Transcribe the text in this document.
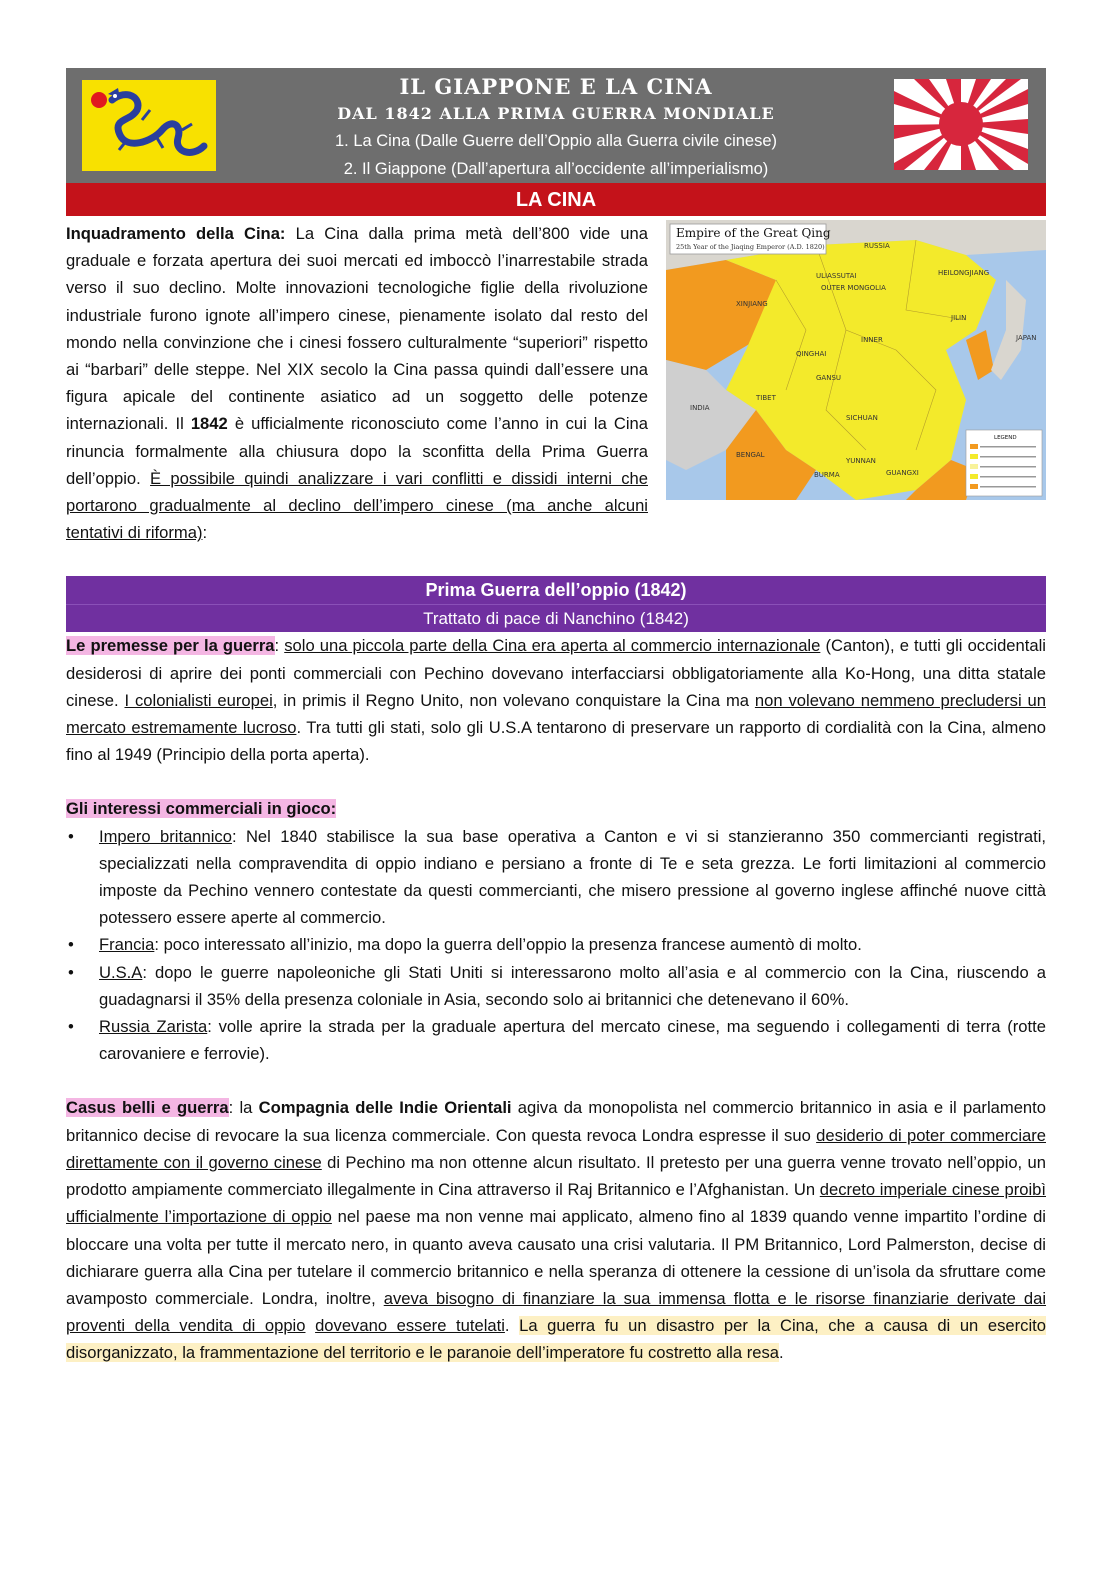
IL GIAPPONE E LA CINA
DAL 1842 ALLA PRIMA GUERRA MONDIALE
1. La Cina (Dalle Guerre dell’Oppio alla Guerra civile cinese)
2. Il Giappone (Dall’apertura all’occidente all’imperialismo)
LA CINA
Empire of the Great Qing
25th Year of the Jiaqing Emperor (A.D. 1820)	RUSSIA
ULIASSUTAI
OUTER MONGOLIA
HEILONGJIANG
JILIN
XINJIANG
QINGHAI
TIBET
INDIA
BENGAL
BURMA
JAPAN
INNER
GANSU
YUNNAN
GUANGXI
SICHUAN
LEGEND

Inquadramento della Cina: La Cina dalla prima metà dell’800 vide una graduale e forzata apertura dei suoi mercati ed imboccò l’inarrestabile strada verso il suo declino. Molte innovazioni tecnologiche figlie della rivoluzione industriale furono ignote all’impero cinese, pienamente isolato dal resto del mondo nella convinzione che i cinesi fossero culturalmente “superiori” rispetto ai “barbari” delle steppe. Nel XIX secolo la Cina passa quindi dall’essere una figura apicale del continente asiatico ad un soggetto delle potenze internazionali. Il 1842 è ufficialmente riconosciuto come l’anno in cui la Cina rinuncia formalmente alla chiusura dopo la sconfitta della Prima Guerra dell’oppio. È possibile quindi analizzare i vari conflitti e dissidi interni che portarono gradualmente al declino dell’impero cinese (ma anche alcuni tentativi di riforma):

Prima Guerra dell’oppio (1842)
Trattato di pace di Nanchino (1842)

Le premesse per la guerra: solo una piccola parte della Cina era aperta al commercio internazionale (Canton), e tutti gli occidentali desiderosi di aprire dei ponti commerciali con Pechino dovevano interfacciarsi obbligatoriamente alla Ko-Hong, una ditta statale cinese. I colonialisti europei, in primis il Regno Unito, non volevano conquistare la Cina ma non volevano nemmeno precludersi un mercato estremamente lucroso. Tra tutti gli stati, solo gli U.S.A tentarono di preservare un rapporto di cordialità con la Cina, almeno fino al 1949 (Principio della porta aperta).

Gli interessi commerciali in gioco:

• Impero britannico: Nel 1840 stabilisce la sua base operativa a Canton e vi si stanzieranno 350 commercianti registrati, specializzati nella compravendita di oppio indiano e persiano a fronte di Te e seta grezza. Le forti limitazioni al commercio imposte da Pechino vennero contestate da questi commercianti, che misero pressione al governo inglese affinché nuove città potessero essere aperte al commercio.
• Francia: poco interessato all’inizio, ma dopo la guerra dell’oppio la presenza francese aumentò di molto.
• U.S.A: dopo le guerre napoleoniche gli Stati Uniti si interessarono molto all’asia e al commercio con la Cina, riuscendo a guadagnarsi il 35% della presenza coloniale in Asia, secondo solo ai britannici che detenevano il 60%.
• Russia Zarista: volle aprire la strada per la graduale apertura del mercato cinese, ma seguendo i collegamenti di terra (rotte carovaniere e ferrovie).

Casus belli e guerra: la Compagnia delle Indie Orientali agiva da monopolista nel commercio britannico in asia e il parlamento britannico decise di revocare la sua licenza commerciale. Con questa revoca Londra espresse il suo desiderio di poter commerciare direttamente con il governo cinese di Pechino ma non ottenne alcun risultato. Il pretesto per una guerra venne trovato nell’oppio, un prodotto ampiamente commerciato illegalmente in Cina attraverso il Raj Britannico e l’Afghanistan. Un decreto imperiale cinese proibì ufficialmente l’importazione di oppio nel paese ma non venne mai applicato, almeno fino al 1839 quando venne impartito l’ordine di bloccare una volta per tutte il mercato nero, in quanto aveva causato una crisi valutaria. Il PM Britannico, Lord Palmerston, decise di dichiarare guerra alla Cina per tutelare il commercio britannico e nella speranza di ottenere la cessione di un’isola da sfruttare come avamposto commerciale. Londra, inoltre, aveva bisogno di finanziare la sua immensa flotta e le risorse finanziarie derivate dai proventi della vendita di oppio dovevano essere tutelati. La guerra fu un disastro per la Cina, che a causa di un esercito disorganizzato, la frammentazione del territorio e le paranoie dell’imperatore fu costretto alla resa.
